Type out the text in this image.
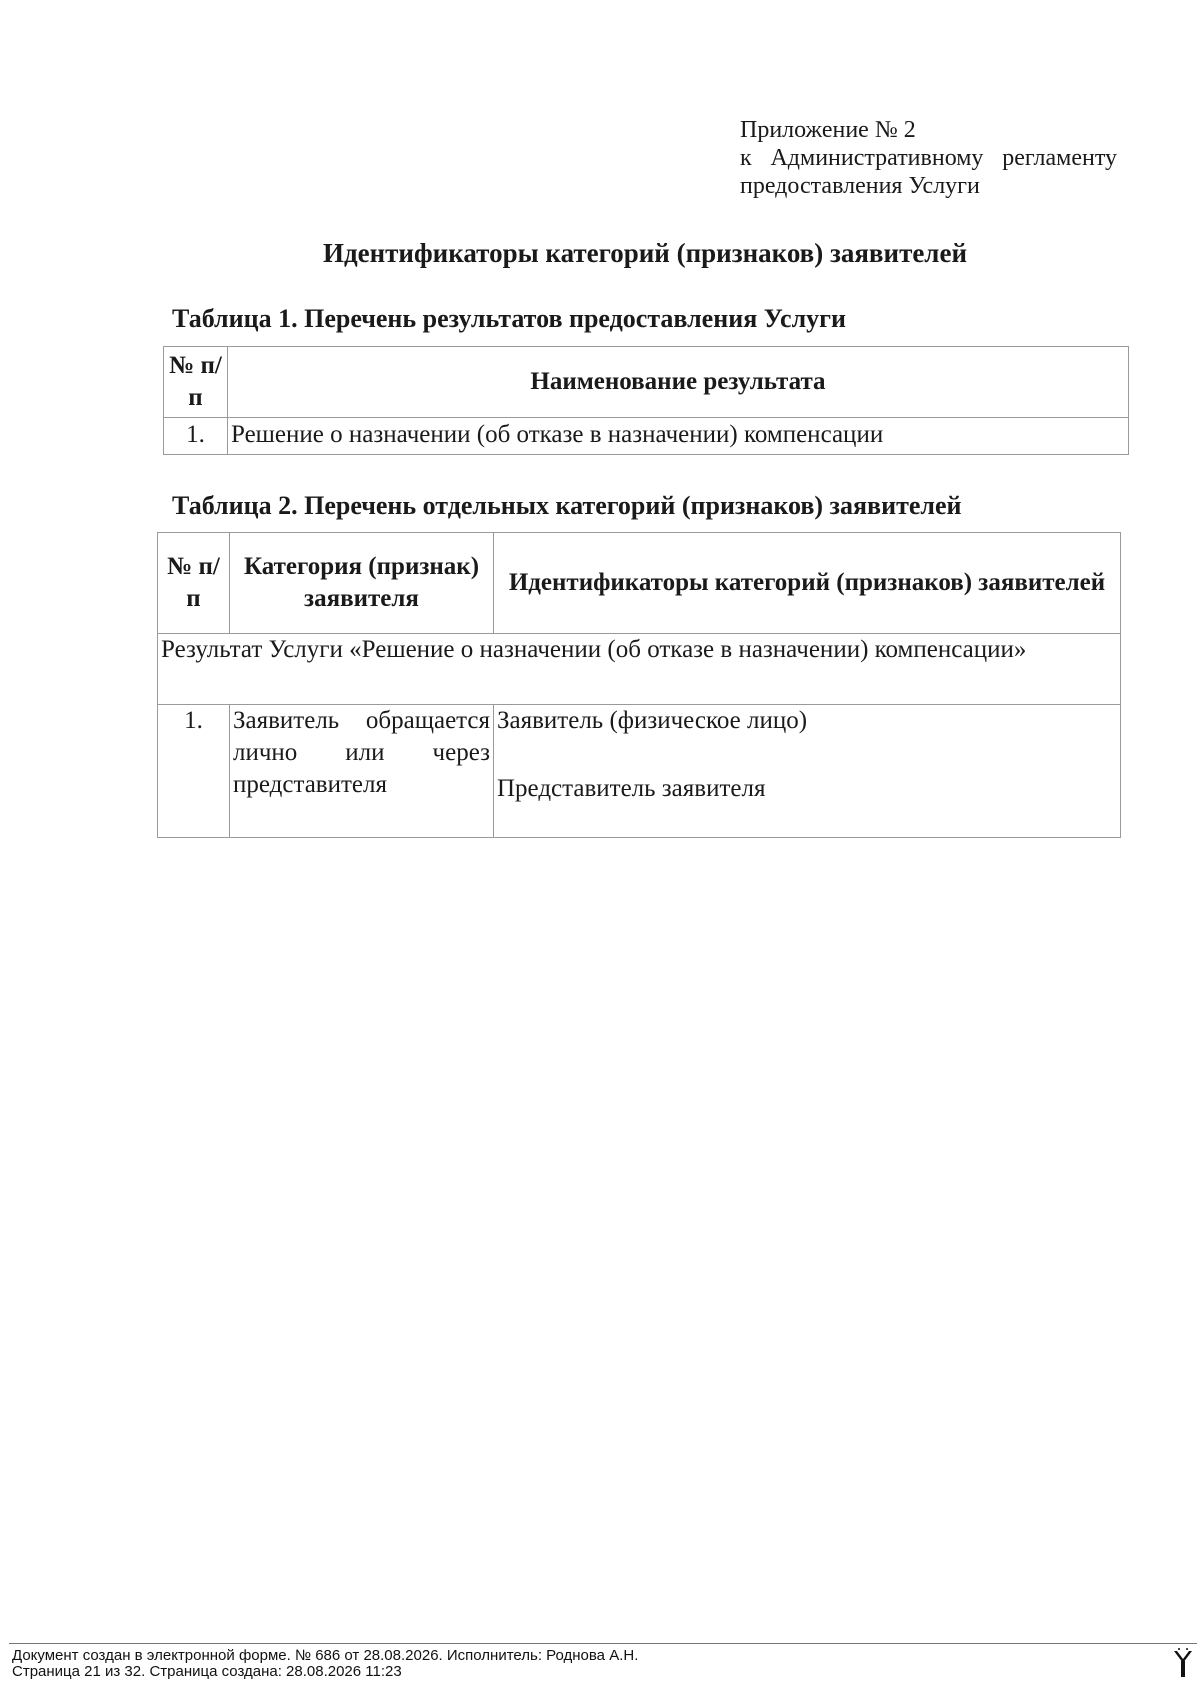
Приложение № 2
к Административному регламенту
предоставления Услуги
Идентификаторы категорий (признаков) заявителей
Таблица 1. Перечень результатов предоставления Услуги
№ п/п	Наименование результата
1.	Решение о назначении (об отказе в назначении) компенсации
Таблица 2. Перечень отдельных категорий (признаков) заявителей
№ п/п	Категория (признак) заявителя	Идентификаторы категорий (признаков) заявителей
Результат Услуги «Решение о назначении (об отказе в назначении) компенсации»		
1.	Заявитель обращается лично или через представителя	Заявитель (физическое лицо)
Представитель заявителя
Документ создан в электронной форме. № 686 от 28.08.2026. Исполнитель: Роднова А.Н.
Страница 21 из 32. Страница создана: 28.08.2026 11:23
